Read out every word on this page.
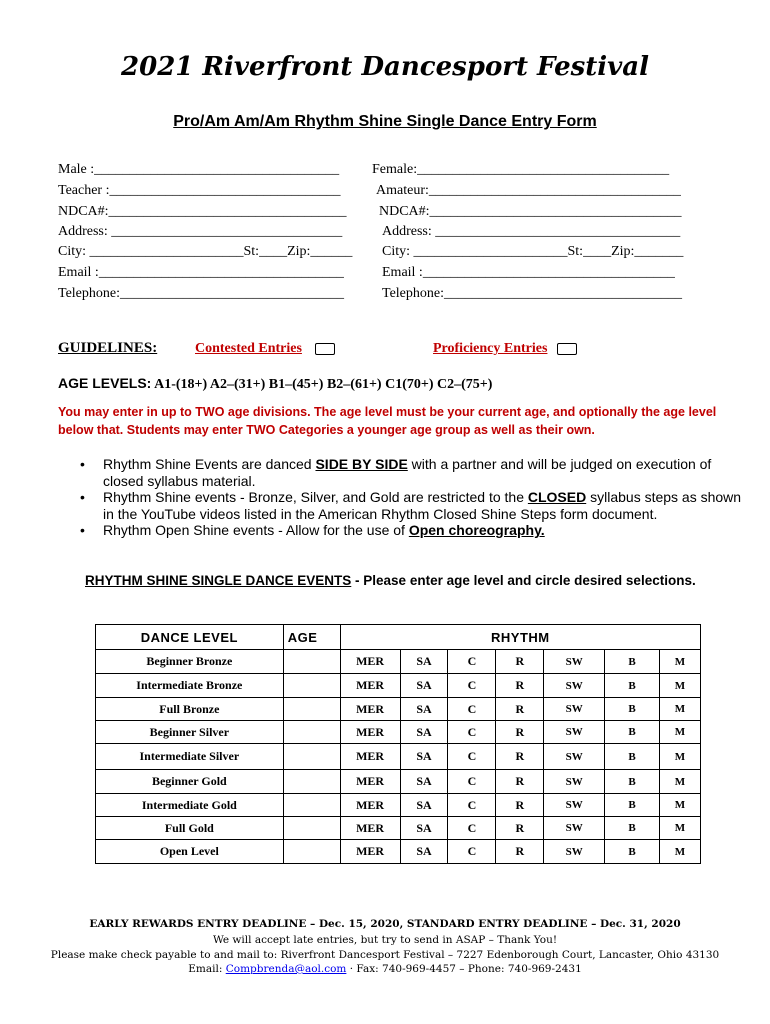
2021 Riverfront Dancesport Festival
Pro/Am Am/Am Rhythm Shine Single Dance Entry Form
Male :___________________________________ Female:____________________________________
Teacher :_________________________________	Amateur:____________________________________
NDCA#:__________________________________ NDCA#:____________________________________
Address: _________________________________	Address: ___________________________________
City: ______________________St:____Zip:______ City: ______________________St:____Zip:_______
Email :___________________________________	Email :____________________________________
Telephone:________________________________	Telephone:__________________________________
GUIDELINES:	Contested Entries	Proficiency Entries
AGE LEVELS: A1-(18+) A2–(31+) B1–(45+) B2–(61+) C1(70+) C2–(75+)
You may enter in up to TWO age divisions. The age level must be your current age, and optionally the age level
below that. Students may enter TWO Categories a younger age group as well as their own.
• Rhythm Shine Events are danced SIDE BY SIDE with a partner and will be judged on execution of closed syllabus material.
• Rhythm Shine events - Bronze, Silver, and Gold are restricted to the CLOSED syllabus steps as shown in the YouTube videos listed in the American Rhythm Closed Shine Steps form document.
• Rhythm Open Shine events - Allow for the use of Open choreography.
RHYTHM SHINE SINGLE DANCE EVENTS - Please enter age level and circle desired selections.
DANCE LEVEL	AGE	RHYTHM						
Beginner Bronze		MER	SA	C	R	SW	B	M
Intermediate Bronze		MER	SA	C	R	SW	B	M
Full Bronze		MER	SA	C	R	SW	B	M
Beginner Silver		MER	SA	C	R	SW	B	M
Intermediate Silver		MER	SA	C	R	SW	B	M
Beginner Gold		MER	SA	C	R	SW	B	M
Intermediate Gold		MER	SA	C	R	SW	B	M
Full Gold		MER	SA	C	R	SW	B	M
Open Level		MER	SA	C	R	SW	B	M
EARLY REWARDS ENTRY DEADLINE – Dec. 15, 2020, STANDARD ENTRY DEADLINE – Dec. 31, 2020
We will accept late entries, but try to send in ASAP – Thank You!
Please make check payable to and mail to: Riverfront Dancesport Festival – 7227 Edenborough Court, Lancaster, Ohio 43130
Email: Compbrenda@aol.com · Fax: 740-969-4457 – Phone: 740-969-2431
